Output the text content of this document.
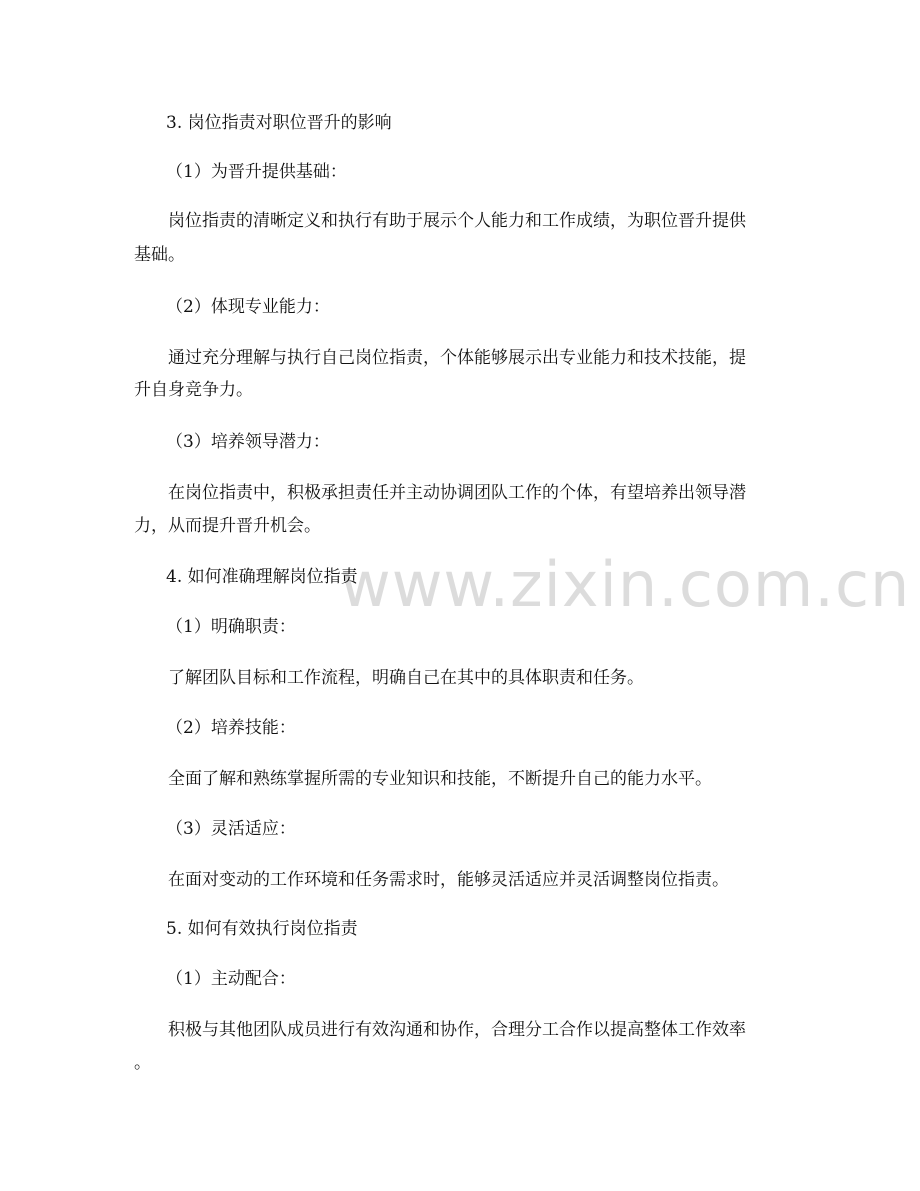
www.zixin.com.cn
3. 岗位指责对职位晋升的影响
（1）为晋升提供基础：
岗位指责的清晰定义和执行有助于展示个人能力和工作成绩，为职位晋升提供
基础。
（2）体现专业能力：
通过充分理解与执行自己岗位指责，个体能够展示出专业能力和技术技能，提
升自身竞争力。
（3）培养领导潜力：
在岗位指责中，积极承担责任并主动协调团队工作的个体，有望培养出领导潜
力，从而提升晋升机会。
4. 如何准确理解岗位指责
（1）明确职责：
了解团队目标和工作流程，明确自己在其中的具体职责和任务。
（2）培养技能：
全面了解和熟练掌握所需的专业知识和技能，不断提升自己的能力水平。
（3）灵活适应：
在面对变动的工作环境和任务需求时，能够灵活适应并灵活调整岗位指责。
5. 如何有效执行岗位指责
（1）主动配合：
积极与其他团队成员进行有效沟通和协作，合理分工合作以提高整体工作效率
。
